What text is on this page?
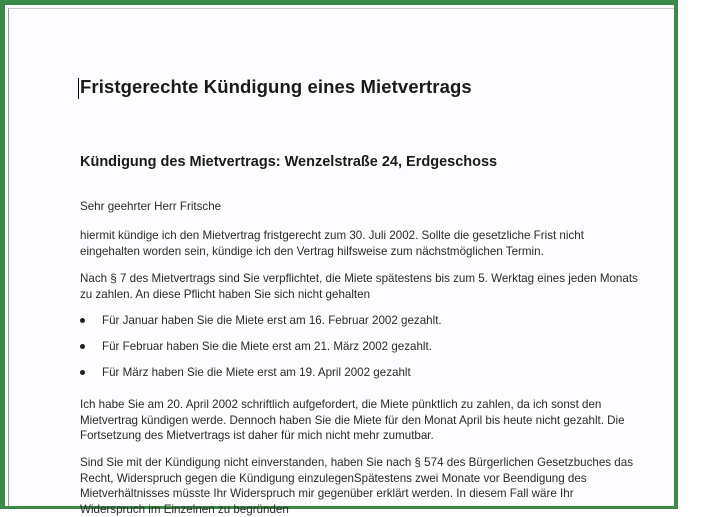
Fristgerechte Kündigung eines Mietvertrags
Kündigung des Mietvertrags: Wenzelstraße 24, Erdgeschoss

Sehr geehrter Herr Fritsche

hiermit kündige ich den Mietvertrag fristgerecht zum 30. Juli 2002. Sollte die gesetzliche Frist nicht
eingehalten worden sein, kündige ich den Vertrag hilfsweise zum nächstmöglichen Termin.
Nach § 7 des Mietvertrags sind Sie verpflichtet, die Miete spätestens bis zum 5. Werktag eines jeden Monats
zu zahlen. An diese Pflicht haben Sie sich nicht gehalten
Für Januar haben Sie die Miete erst am 16. Februar 2002 gezahlt.
Für Februar haben Sie die Miete erst am 21. März 2002 gezahlt.
Für März haben Sie die Miete erst am 19. April 2002 gezahlt
Ich habe Sie am 20. April 2002 schriftlich aufgefordert, die Miete pünktlich zu zahlen, da ich sonst den
Mietvertrag kündigen werde. Dennoch haben Sie die Miete für den Monat April bis heute nicht gezahlt. Die
Fortsetzung des Mietvertrags ist daher für mich nicht mehr zumutbar.
Sind Sie mit der Kündigung nicht einverstanden, haben Sie nach § 574 des Bürgerlichen Gesetzbuches das
Recht, Widerspruch gegen die Kündigung einzulegenSpätestens zwei Monate vor Beendigung des
Mietverhältnisses müsste Ihr Widerspruch mir gegenüber erklärt werden. In diesem Fall wäre Ihr
Widerspruch im Einzelnen zu begründen
